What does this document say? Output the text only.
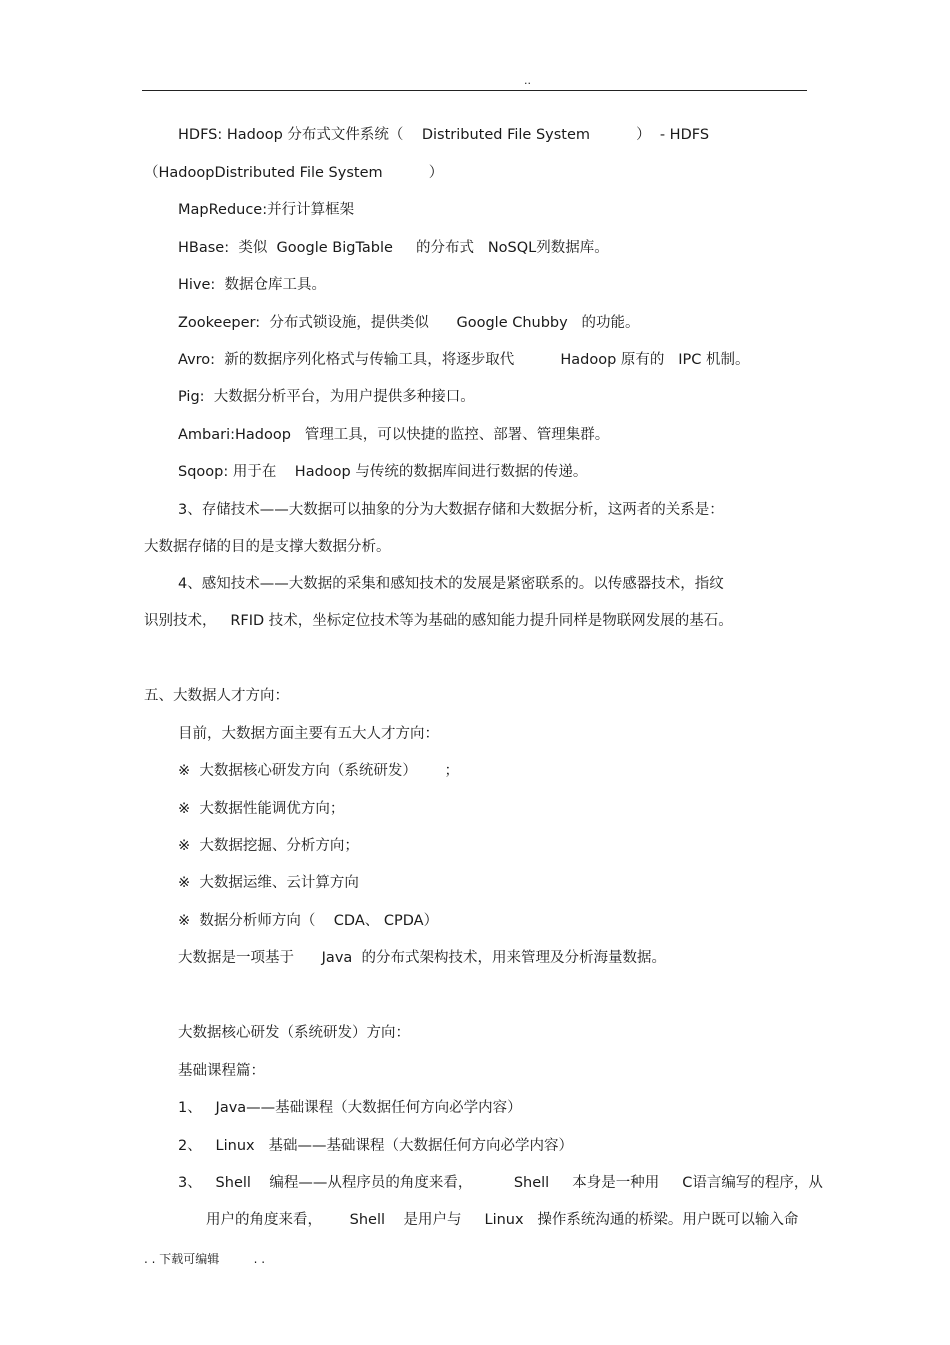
..
HDFS: Hadoop 分布式文件系统（    Distributed File System          ）  - HDFS
（HadoopDistributed File System          ）
MapReduce:并行计算框架
HBase:  类似  Google BigTable     的分布式   NoSQL列数据库。
Hive:  数据仓库工具。
Zookeeper:  分布式锁设施，提供类似      Google Chubby   的功能。
Avro:  新的数据序列化格式与传输工具，将逐步取代          Hadoop 原有的   IPC 机制。
Pig:  大数据分析平台，为用户提供多种接口。
Ambari:Hadoop   管理工具，可以快捷的监控、部署、管理集群。
Sqoop: 用于在    Hadoop 与传统的数据库间进行数据的传递。
3、存储技术——大数据可以抽象的分为大数据存储和大数据分析，这两者的关系是：
大数据存储的目的是支撑大数据分析。
4、感知技术——大数据的采集和感知技术的发展是紧密联系的。以传感器技术，指纹
识别技术，   RFID 技术，坐标定位技术等为基础的感知能力提升同样是物联网发展的基石。
五、大数据人才方向：
目前，大数据方面主要有五大人才方向：
※  大数据核心研发方向（系统研发）      ；
※  大数据性能调优方向；
※  大数据挖掘、分析方向；
※  大数据运维、云计算方向
※  数据分析师方向（    CDA、 CPDA）
大数据是一项基于      Java  的分布式架构技术，用来管理及分析海量数据。
大数据核心研发（系统研发）方向：
基础课程篇：
1、   Java——基础课程（大数据任何方向必学内容）
2、   Linux   基础——基础课程（大数据任何方向必学内容）
3、   Shell    编程——从程序员的角度来看，         Shell     本身是一种用     C语言编写的程序，从
用户的角度来看，      Shell    是用户与     Linux   操作系统沟通的桥梁。用户既可以输入命
. . 下载可编辑         . .
